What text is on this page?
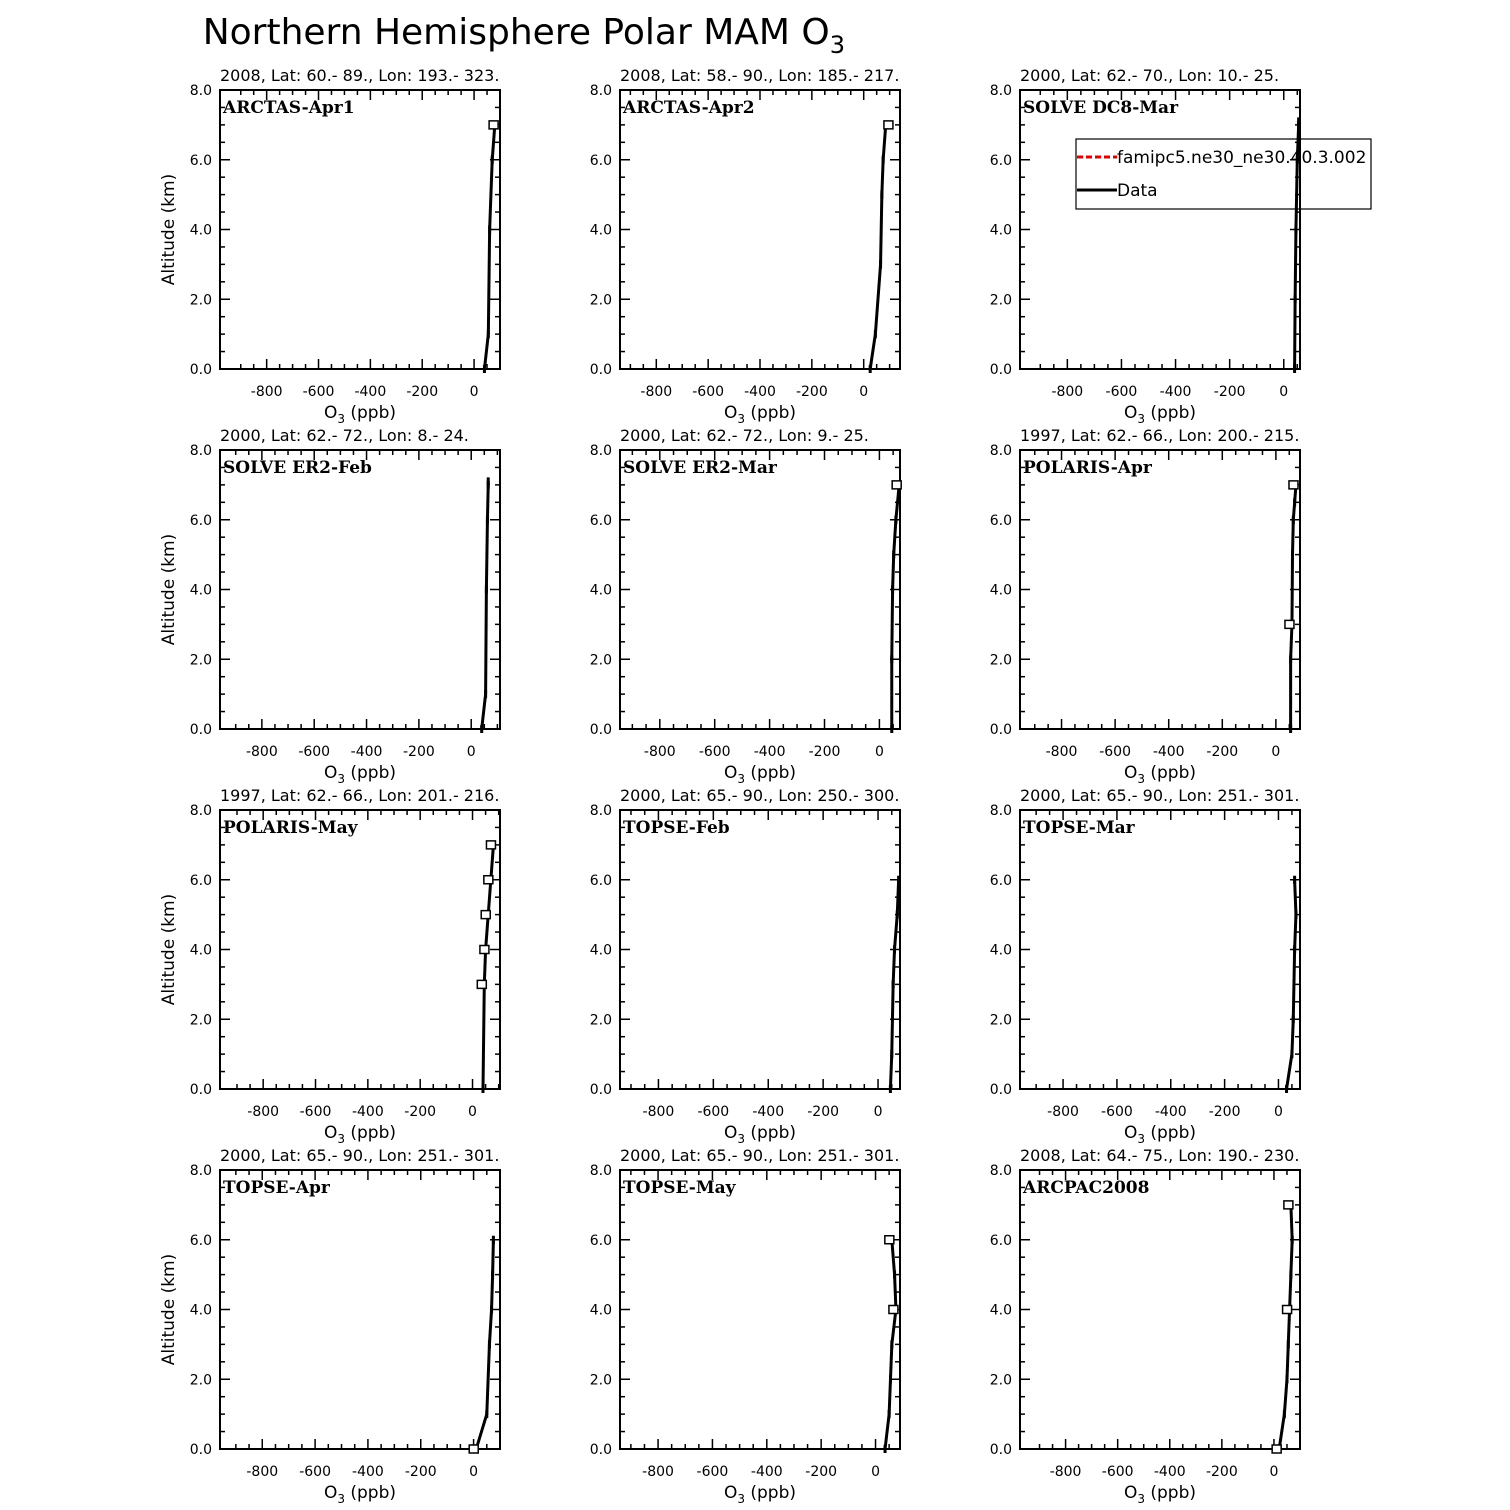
Northern Hemisphere Polar MAM $O_3$
2008, Lat: 60.- 89., Lon: 193.- 323.
ARCTAS-Apr1
0.0
2.0
4.0
6.0
8.0
-800 -600 -400 -200 0
$O_3$ (ppb)
Altitude (km)
2008, Lat: 58.- 90., Lon: 185.- 217.
ARCTAS-Apr2
0.0
2.0
4.0
6.0
8.0
-800 -600 -400 -200 0
$O_3$ (ppb)
2000, Lat: 62.- 70., Lon: 10.- 25.
SOLVE DC8-Mar
0.0
2.0
4.0
6.0
8.0
-800 -600 -400 -200 0
$O_3$ (ppb)
famipc5.ne30_ne30.40.3.002
Data
2000, Lat: 62.- 72., Lon: 8.- 24.
SOLVE ER2-Feb
0.0
2.0
4.0
6.0
8.0
-800 -600 -400 -200 0
$O_3$ (ppb)
Altitude (km)
2000, Lat: 62.- 72., Lon: 9.- 25.
SOLVE ER2-Mar
0.0
2.0
4.0
6.0
8.0
-800 -600 -400 -200 0
$O_3$ (ppb)
1997, Lat: 62.- 66., Lon: 200.- 215.
POLARIS-Apr
0.0
2.0
4.0
6.0
8.0
-800 -600 -400 -200 0
$O_3$ (ppb)
1997, Lat: 62.- 66., Lon: 201.- 216.
POLARIS-May
0.0
2.0
4.0
6.0
8.0
-800 -600 -400 -200 0
$O_3$ (ppb)
Altitude (km)
2000, Lat: 65.- 90., Lon: 250.- 300.
TOPSE-Feb
0.0
2.0
4.0
6.0
8.0
-800 -600 -400 -200 0
$O_3$ (ppb)
2000, Lat: 65.- 90., Lon: 251.- 301.
TOPSE-Mar
0.0
2.0
4.0
6.0
8.0
-800 -600 -400 -200 0
$O_3$ (ppb)
2000, Lat: 65.- 90., Lon: 251.- 301.
TOPSE-Apr
0.0
2.0
4.0
6.0
8.0
-800 -600 -400 -200 0
$O_3$ (ppb)
Altitude (km)
2000, Lat: 65.- 90., Lon: 251.- 301.
TOPSE-May
0.0
2.0
4.0
6.0
8.0
-800 -600 -400 -200 0
$O_3$ (ppb)
2008, Lat: 64.- 75., Lon: 190.- 230.
ARCPAC2008
0.0
2.0
4.0
6.0
8.0
-800 -600 -400 -200 0
$O_3$ (ppb)
